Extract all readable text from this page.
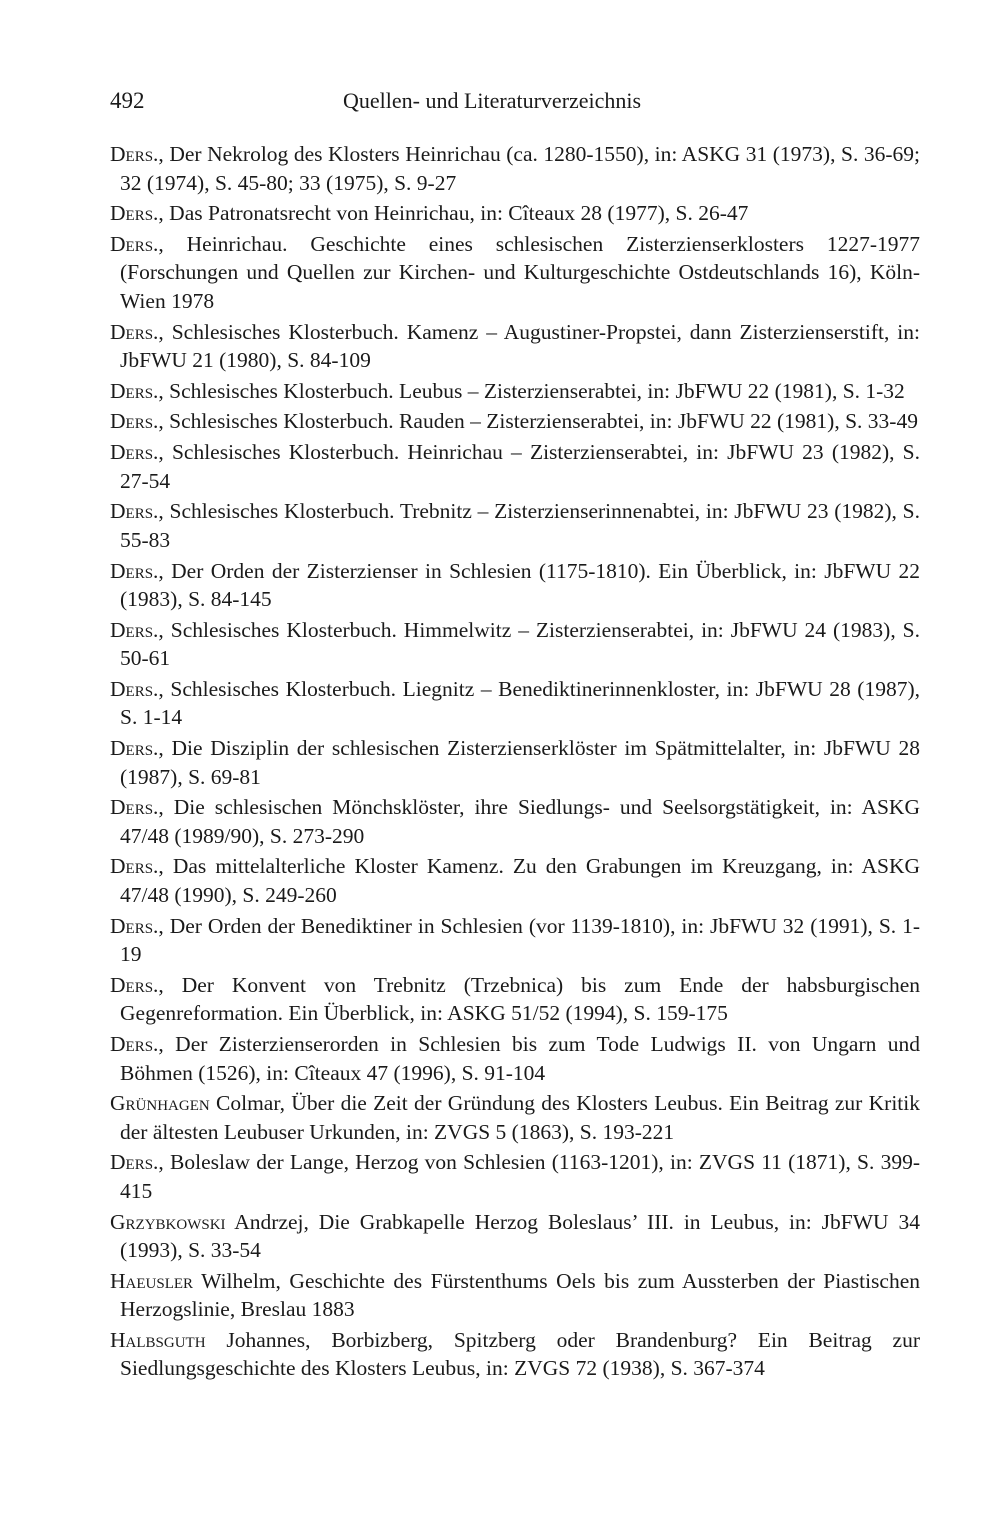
492	Quellen- und Literaturverzeichnis

Ders., Der Nekrolog des Klosters Heinrichau (ca. 1280-1550), in: ASKG 31 (1973), S. 36-69; 32 (1974), S. 45-80; 33 (1975), S. 9-27

Ders., Das Patronatsrecht von Heinrichau, in: Cîteaux 28 (1977), S. 26-47

Ders., Heinrichau. Geschichte eines schlesischen Zisterzienserklosters 1227-1977 (Forschungen und Quellen zur Kirchen- und Kulturgeschichte Ostdeutschlands 16), Köln-Wien 1978

Ders., Schlesisches Klosterbuch. Kamenz – Augustiner-Propstei, dann Zisterzienserstift, in: JbFWU 21 (1980), S. 84-109

Ders., Schlesisches Klosterbuch. Leubus – Zisterzienserabtei, in: JbFWU 22 (1981), S. 1-32

Ders., Schlesisches Klosterbuch. Rauden – Zisterzienserabtei, in: JbFWU 22 (1981), S. 33-49

Ders., Schlesisches Klosterbuch. Heinrichau – Zisterzienserabtei, in: JbFWU 23 (1982), S. 27-54

Ders., Schlesisches Klosterbuch. Trebnitz – Zisterzienserinnenabtei, in: JbFWU 23 (1982), S. 55-83

Ders., Der Orden der Zisterzienser in Schlesien (1175-1810). Ein Überblick, in: JbFWU 22 (1983), S. 84-145

Ders., Schlesisches Klosterbuch. Himmelwitz – Zisterzienserabtei, in: JbFWU 24 (1983), S. 50-61

Ders., Schlesisches Klosterbuch. Liegnitz – Benediktinerinnenkloster, in: JbFWU 28 (1987), S. 1-14

Ders., Die Disziplin der schlesischen Zisterzienserklöster im Spätmittelalter, in: JbFWU 28 (1987), S. 69-81

Ders., Die schlesischen Mönchsklöster, ihre Siedlungs- und Seelsorgstätigkeit, in: ASKG 47/48 (1989/90), S. 273-290

Ders., Das mittelalterliche Kloster Kamenz. Zu den Grabungen im Kreuzgang, in: ASKG 47/48 (1990), S. 249-260

Ders., Der Orden der Benediktiner in Schlesien (vor 1139-1810), in: JbFWU 32 (1991), S. 1-19

Ders., Der Konvent von Trebnitz (Trzebnica) bis zum Ende der habsburgischen Gegenreformation. Ein Überblick, in: ASKG 51/52 (1994), S. 159-175

Ders., Der Zisterzienserorden in Schlesien bis zum Tode Ludwigs II. von Ungarn und Böhmen (1526), in: Cîteaux 47 (1996), S. 91-104

Grünhagen Colmar, Über die Zeit der Gründung des Klosters Leubus. Ein Beitrag zur Kritik der ältesten Leubuser Urkunden, in: ZVGS 5 (1863), S. 193-221

Ders., Boleslaw der Lange, Herzog von Schlesien (1163-1201), in: ZVGS 11 (1871), S. 399-415

Grzybkowski Andrzej, Die Grabkapelle Herzog Boleslaus’ III. in Leubus, in: JbFWU 34 (1993), S. 33-54

Haeusler Wilhelm, Geschichte des Fürstenthums Oels bis zum Aussterben der Piastischen Herzogslinie, Breslau 1883

Halbsguth Johannes, Borbizberg, Spitzberg oder Brandenburg? Ein Beitrag zur Siedlungsgeschichte des Klosters Leubus, in: ZVGS 72 (1938), S. 367-374
